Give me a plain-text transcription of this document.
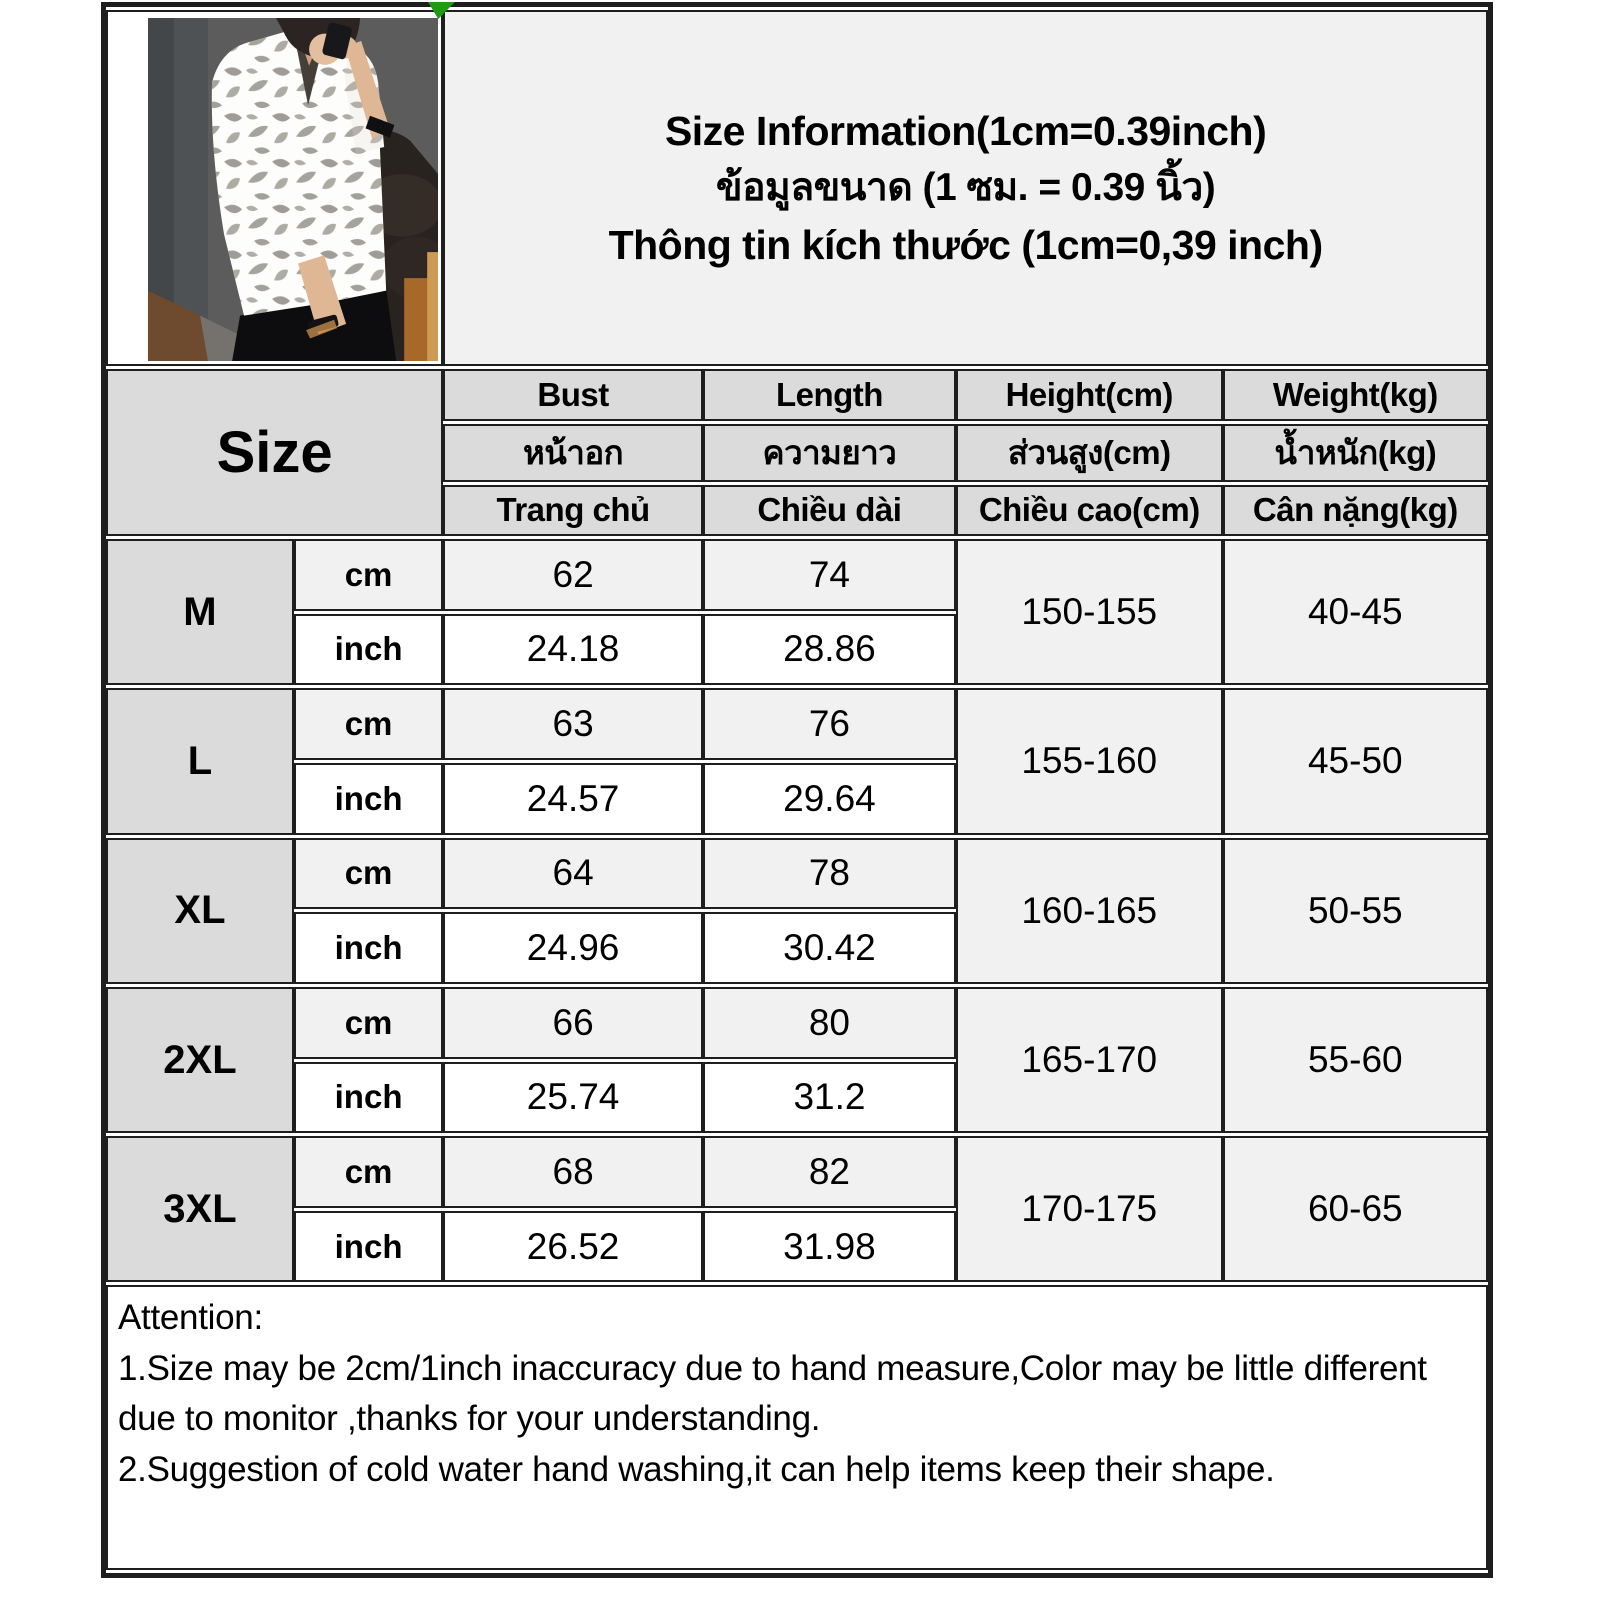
Size Information(1cm=0.39inch)
ข้อมูลขนาด (1 ซม. = 0.39 นิ้ว)
Thông tin kích thước (1cm=0,39 inch)			

Size		Bust	Length	Height(cm)	Weight(kg)
		หน้าอก	ความยาว	ส่วนสูง(cm)	น้ำหนัก(kg)
		Trang chủ	Chiều dài	Chiều cao(cm)	Cân nặng(kg)
M	cm	62	74	150-155	40-45
	inch	24.18	28.86		
L	cm	63	76	155-160	45-50
	inch	24.57	29.64		
XL	cm	64	78	160-165	50-55
	inch	24.96	30.42		
2XL	cm	66	80	165-170	55-60
	inch	25.74	31.2		
3XL	cm	68	82	170-175	60-65
	inch	26.52	31.98		

Attention:
1.Size may be 2cm/1inch inaccuracy due to hand measure,Color may be little different due to monitor ,thanks for your understanding.
2.Suggestion of cold water hand washing,it can help items keep their shape.					
